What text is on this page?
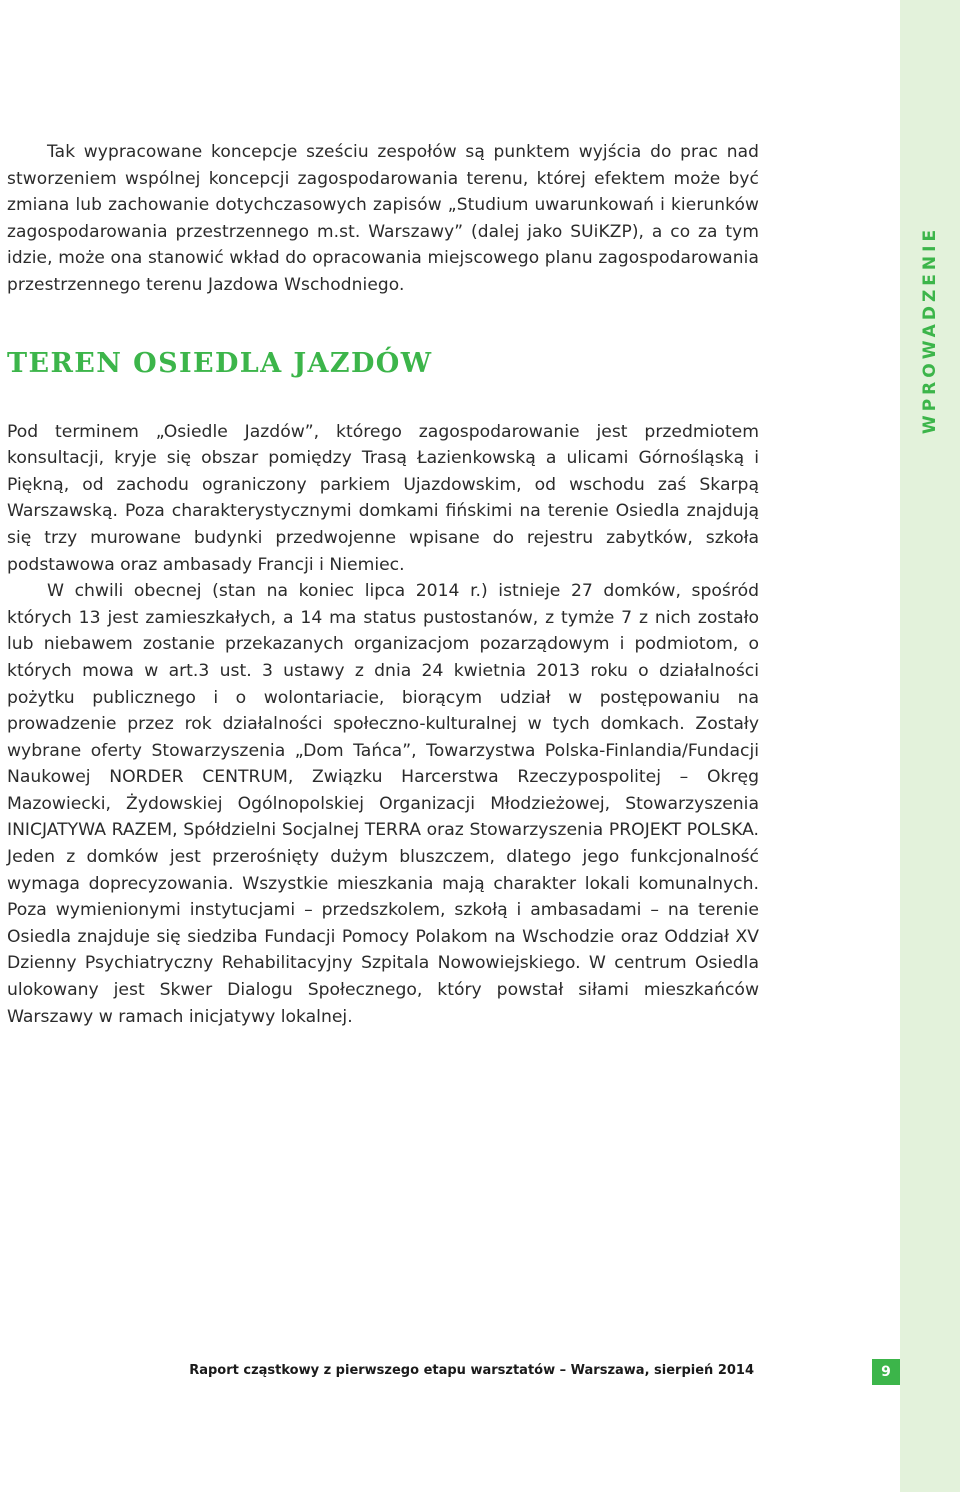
WPROWADZENIE

Tak wypracowane koncepcje sześciu zespołów są punktem wyjścia do prac nad stworzeniem wspólnej koncepcji zagospodarowania terenu, której efektem może być zmiana lub zachowanie dotychczasowych zapisów „Studium uwarunkowań i kierunków zagospodarowania przestrzennego m.st. Warszawy” (dalej jako SUiKZP), a co za tym idzie, może ona stanowić wkład do opracowania miejscowego planu zagospodarowania przestrzennego terenu Jazdowa Wschodniego.

TEREN OSIEDLA JAZDÓW

Pod terminem „Osiedle Jazdów”, którego zagospodarowanie jest przedmiotem konsultacji, kryje się obszar pomiędzy Trasą Łazienkowską a ulicami Górnośląską i Piękną, od zachodu ograniczony parkiem Ujazdowskim, od wschodu zaś Skarpą Warszawską. Poza charakterystycznymi domkami fińskimi na terenie Osiedla znajdują się trzy murowane budynki przedwojenne wpisane do rejestru zabytków, szkoła podstawowa oraz ambasady Francji i Niemiec.

W chwili obecnej (stan na koniec lipca 2014 r.) istnieje 27 domków, spośród których 13 jest zamieszkałych, a 14 ma status pustostanów, z tymże 7 z nich zostało lub niebawem zostanie przekazanych organizacjom pozarządowym i podmiotom, o których mowa w art.3 ust. 3 ustawy z dnia 24 kwietnia 2013 roku o działalności pożytku publicznego i o wolontariacie, biorącym udział w postępowaniu na prowadzenie przez rok działalności społeczno-kulturalnej w tych domkach. Zostały wybrane oferty Stowarzyszenia „Dom Tańca”, Towarzystwa Polska-Finlandia/Fundacji Naukowej NORDER CENTRUM, Związku Harcerstwa Rzeczypospolitej – Okręg Mazowiecki, Żydowskiej Ogólnopolskiej Organizacji Młodzieżowej, Stowarzyszenia INICJATYWA RAZEM, Spółdzielni Socjalnej TERRA oraz Stowarzyszenia PROJEKT POLSKA. Jeden z domków jest przerośnięty dużym bluszczem, dlatego jego funkcjonalność wymaga doprecyzowania. Wszystkie mieszkania mają charakter lokali komunalnych. Poza wymienionymi instytucjami – przedszkolem, szkołą i ambasadami – na terenie Osiedla znajduje się siedziba Fundacji Pomocy Polakom na Wschodzie oraz Oddział XV Dzienny Psychiatryczny Rehabilitacyjny Szpitala Nowowiejskiego. W centrum Osiedla ulokowany jest Skwer Dialogu Społecznego, który powstał siłami mieszkańców Warszawy w ramach inicjatywy lokalnej.

Raport cząstkowy z pierwszego etapu warsztatów – Warszawa, sierpień 2014	9
